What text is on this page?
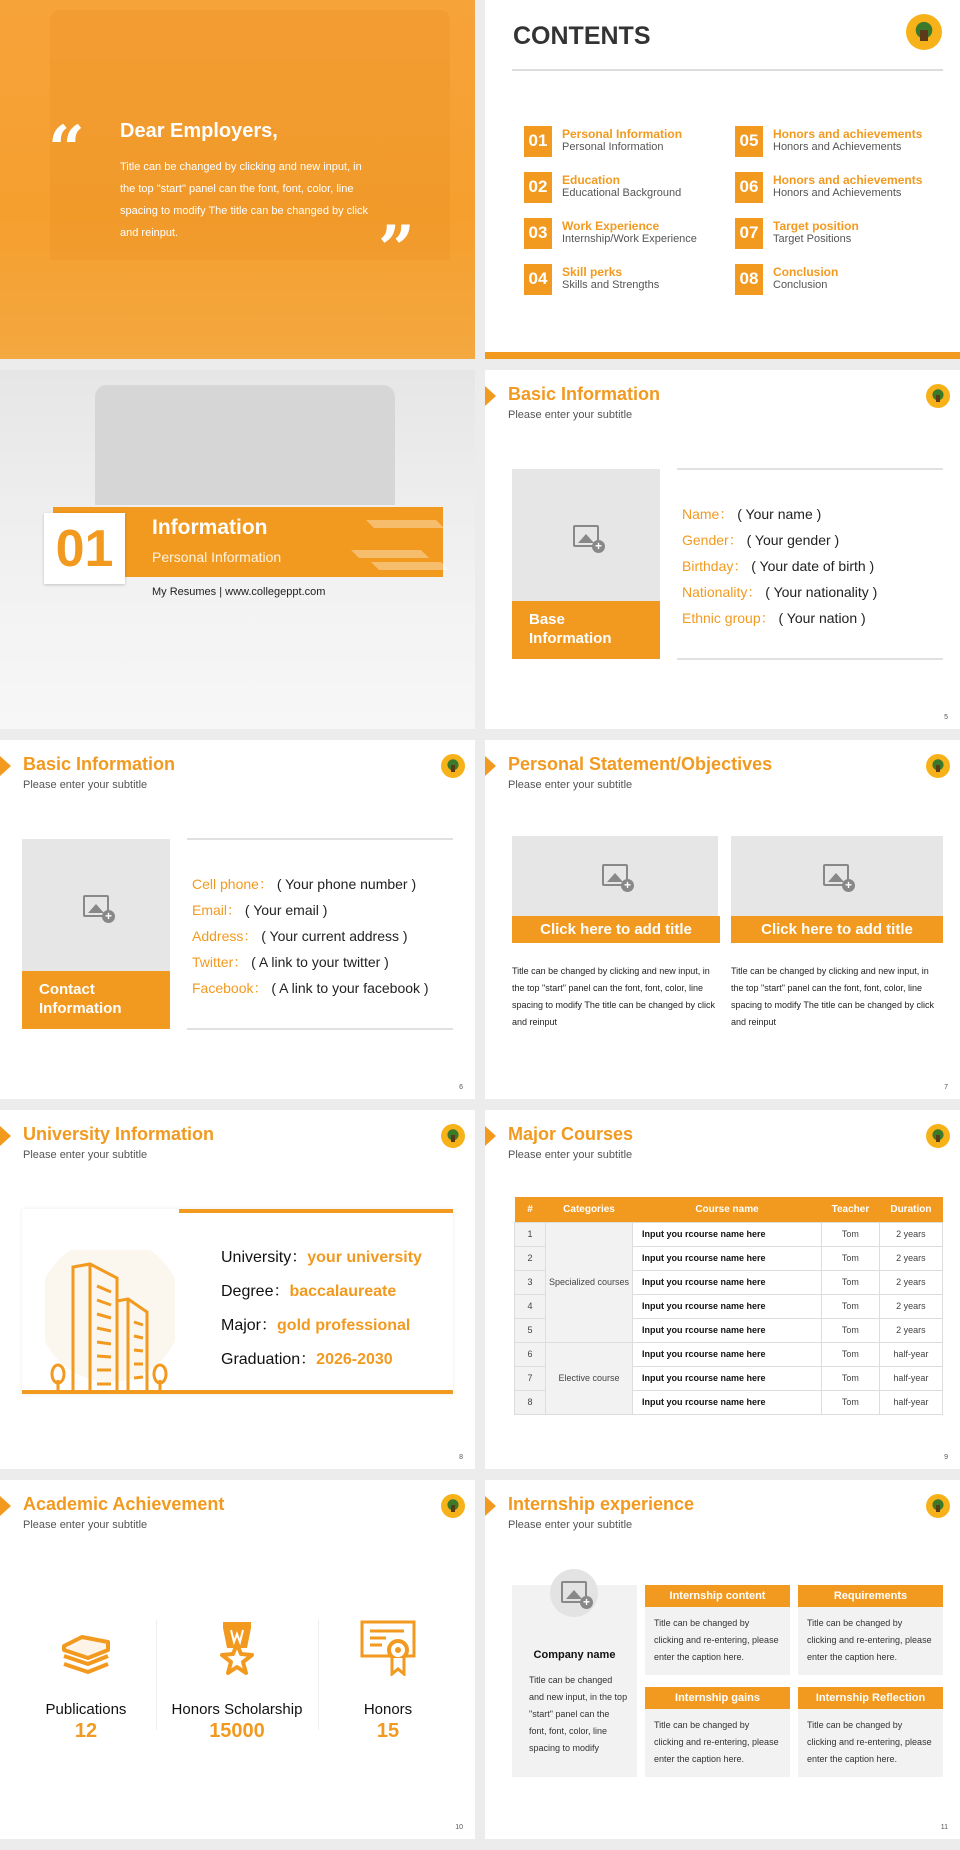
“ Dear Employers,
Title can be changed by clicking and new input, in the top "start" panel can the font, font, color, line spacing to modify The title can be changed by click and reinput.	”
CONTENTS
01	Personal Information
Personal Information
02	Education
Educational Background
03	Work Experience
Internship/Work Experience
04	Skill perks
Skills and Strengths
05	Honors and achievements
Honors and Achievements
06	Honors and achievements
Honors and Achievements
07	Target position
Target Positions
08	Conclusion
Conclusion
01	Information
Personal Information
My Resumes | www.collegeppt.com
Basic Information
Please enter your subtitle
+
Base Information
Name： ( Your name )
Gender： ( Your gender )
Birthday： ( Your date of birth )
Nationality： ( Your nationality )
Ethnic group： ( Your nation )
5
Basic Information
Please enter your subtitle
+
Contact Information
Cell phone： ( Your phone number )
Email： ( Your email )
Address： ( Your current address )
Twitter： ( A link to your twitter )
Facebook： ( A link to your facebook )
6
Personal Statement/Objectives
Please enter your subtitle
+
Click here to add title
Title can be changed by clicking and new input, in the top "start" panel can the font, font, color, line spacing to modify The title can be changed by click and reinput
+
Click here to add title
Title can be changed by clicking and new input, in the top "start" panel can the font, font, color, line spacing to modify The title can be changed by click and reinput
7
University Information
Please enter your subtitle
University：your university
Degree：baccalaureate
Major：gold professional
Graduation：2026-2030
8
Major Courses
Please enter your subtitle
#	Categories	Course name	Teacher	Duration
1	Specialized courses	Input you rcourse name here	Tom	2 years
2		Input you rcourse name here	Tom	2 years
3		Input you rcourse name here	Tom	2 years
4		Input you rcourse name here	Tom	2 years
5		Input you rcourse name here	Tom	2 years
6	Elective course	Input you rcourse name here	Tom	half-year
7		Input you rcourse name here	Tom	half-year
8		Input you rcourse name here	Tom	half-year
9
Academic Achievement
Please enter your subtitle
Publications
12
Honors Scholarship
15000
Honors
15
10
Internship experience
Please enter your subtitle
+
Company name
Title can be changed and new input, in the top "start" panel can the font, font, color, line spacing to modify
Internship content
Title can be changed by clicking and re-entering, please enter the caption here.
Requirements
Title can be changed by clicking and re-entering, please enter the caption here.
Internship gains
Title can be changed by clicking and re-entering, please enter the caption here.
Internship Reflection
Title can be changed by clicking and re-entering, please enter the caption here.
11
